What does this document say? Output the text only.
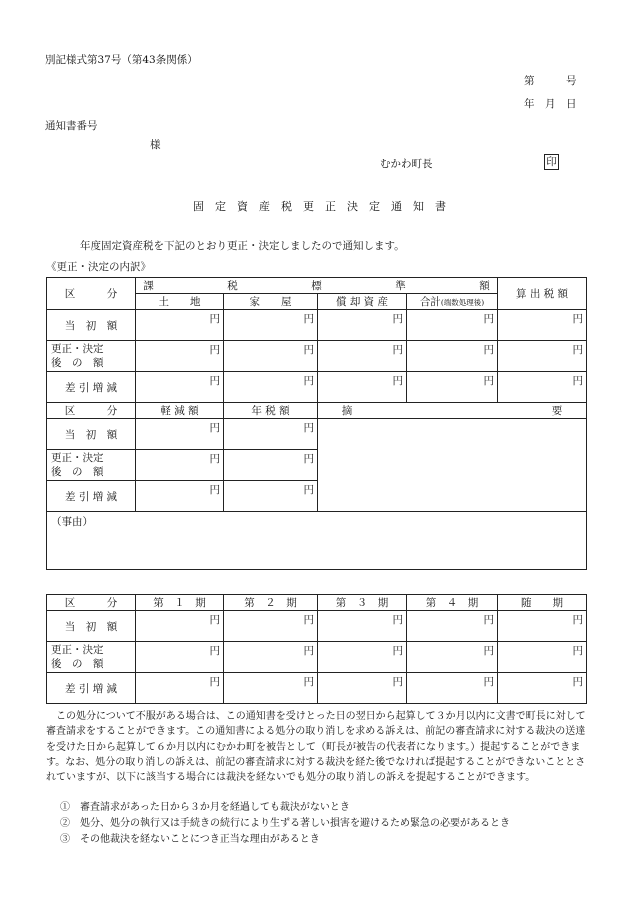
別記様式第37号（第43条関係）
第　　　号
年　月　日
通知書番号
様
むかわ町長	印
固　定　資　産　税　更　正　決　定　通　知　書
年度固定資産税を下記のとおり更正・決定しましたので通知します。
《更正・決定の内訳》
区　　　分	課　　　　　　　税　　　　　　　標　　　　　　　準　　　　　　　額				算 出 税 額
	土　　地	家　　屋	償 却 資 産	合計(端数処理後)	
当　初　額	円	円	円	円	円

更正・決定
後　の　額	円	円	円	円	円

差 引 増 減	円	円	円	円	円

区　　　分	軽 減 額	年 税 額	摘　　　　　　　　　　　　　　　　　　　要		
当　初　額	円	円			

更正・決定
後　の　額	円	円			

差 引 増 減	円	円			

（事由）					
区　　　分	第　１　期	第　２　期	第　３　期	第　４　期	随　　期
当　初　額	円	円	円	円	円

更正・決定
後　の　額	円	円	円	円	円

差 引 増 減	円	円	円	円	円
　この処分について不服がある場合は、この通知書を受けとった日の翌日から起算して３か月以内に文書で町長に対して審査請求をすることができます。この通知書による処分の取り消しを求める訴えは、前記の審査請求に対する裁決の送達を受けた日から起算して６か月以内にむかわ町を被告として（町長が被告の代表者になります。）提起することができます。なお、処分の取り消しの訴えは、前記の審査請求に対する裁決を経た後でなければ提起することができないこととされていますが、以下に該当する場合には裁決を経ないでも処分の取り消しの訴えを提起することができます。
①　 審査請求があった日から３か月を経過しても裁決がないとき
②　 処分、処分の執行又は手続きの続行により生ずる著しい損害を避けるため緊急の必要があるとき
③　 その他裁決を経ないことにつき正当な理由があるとき
